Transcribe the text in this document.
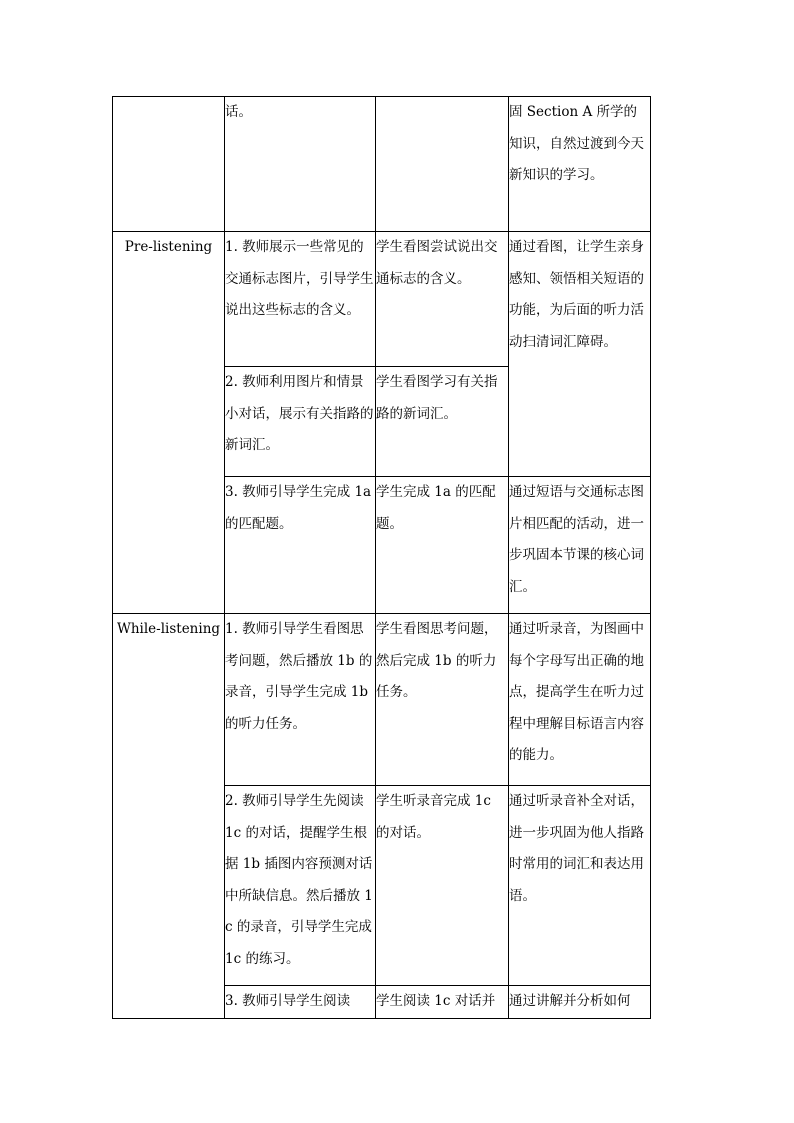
	话。		固 Section A 所学的知识，自然过渡到今天新知识的学习。

Pre-listening	1. 教师展示一些常见的交通标志图片，引导学生说出这些标志的含义。	学生看图尝试说出交通标志的含义。	通过看图，让学生亲身感知、领悟相关短语的功能，为后面的听力活动扫清词汇障碍。

	2. 教师利用图片和情景小对话，展示有关指路的新词汇。	学生看图学习有关指路的新词汇。	

	3. 教师引导学生完成 1a 的匹配题。	学生完成 1a 的匹配题。	通过短语与交通标志图片相匹配的活动，进一步巩固本节课的核心词汇。

While-listening	1. 教师引导学生看图思考问题，然后播放 1b 的录音，引导学生完成 1b 的听力任务。	学生看图思考问题，然后完成 1b 的听力任务。	通过听录音，为图画中每个字母写出正确的地点，提高学生在听力过程中理解目标语言内容的能力。

	2. 教师引导学生先阅读 1c 的对话，提醒学生根据 1b 插图内容预测对话中所缺信息。然后播放 1c 的录音，引导学生完成 1c 的练习。	学生听录音完成 1c 的对话。	通过听录音补全对话，进一步巩固为他人指路时常用的词汇和表达用语。

	3. 教师引导学生阅读	学生阅读 1c 对话并	通过讲解并分析如何
